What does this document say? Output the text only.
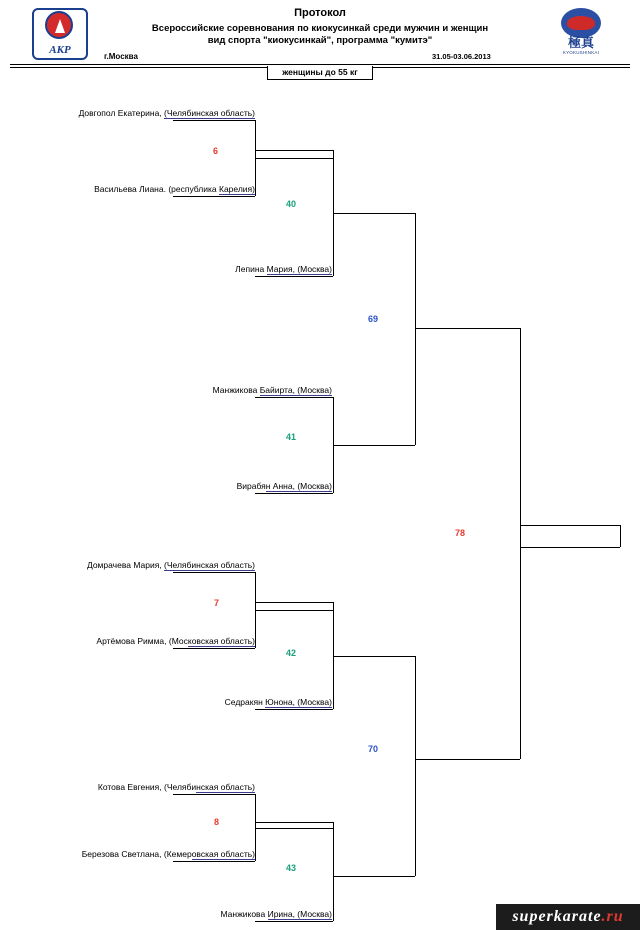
АКР	極真
KYOKUSHINKAI
Протокол
Всероссийские соревнования по киокусинкай среди мужчин и женщин
вид спорта "киокусинкай", программа "кумитэ"
г.Москва	31.05-03.06.2013
женщины до 55 кг
Довгопол Екатерина, (Челябинская область)
Васильева Лиана. (республика Карелия)
Лепина Мария, (Москва)
Манжикова Байирта, (Москва)
Вирабян Анна, (Москва)
Домрачева Мария, (Челябинская область)
Артёмова Римма, (Московская область)
Седракян Юнона, (Москва)
Котова Евгения, (Челябинская область)
Березова Светлана, (Кемеровская область)
Манжикова Ирина, (Москва)
6
40
41
69
7
42
8
43
70
78
superkarate .ru
